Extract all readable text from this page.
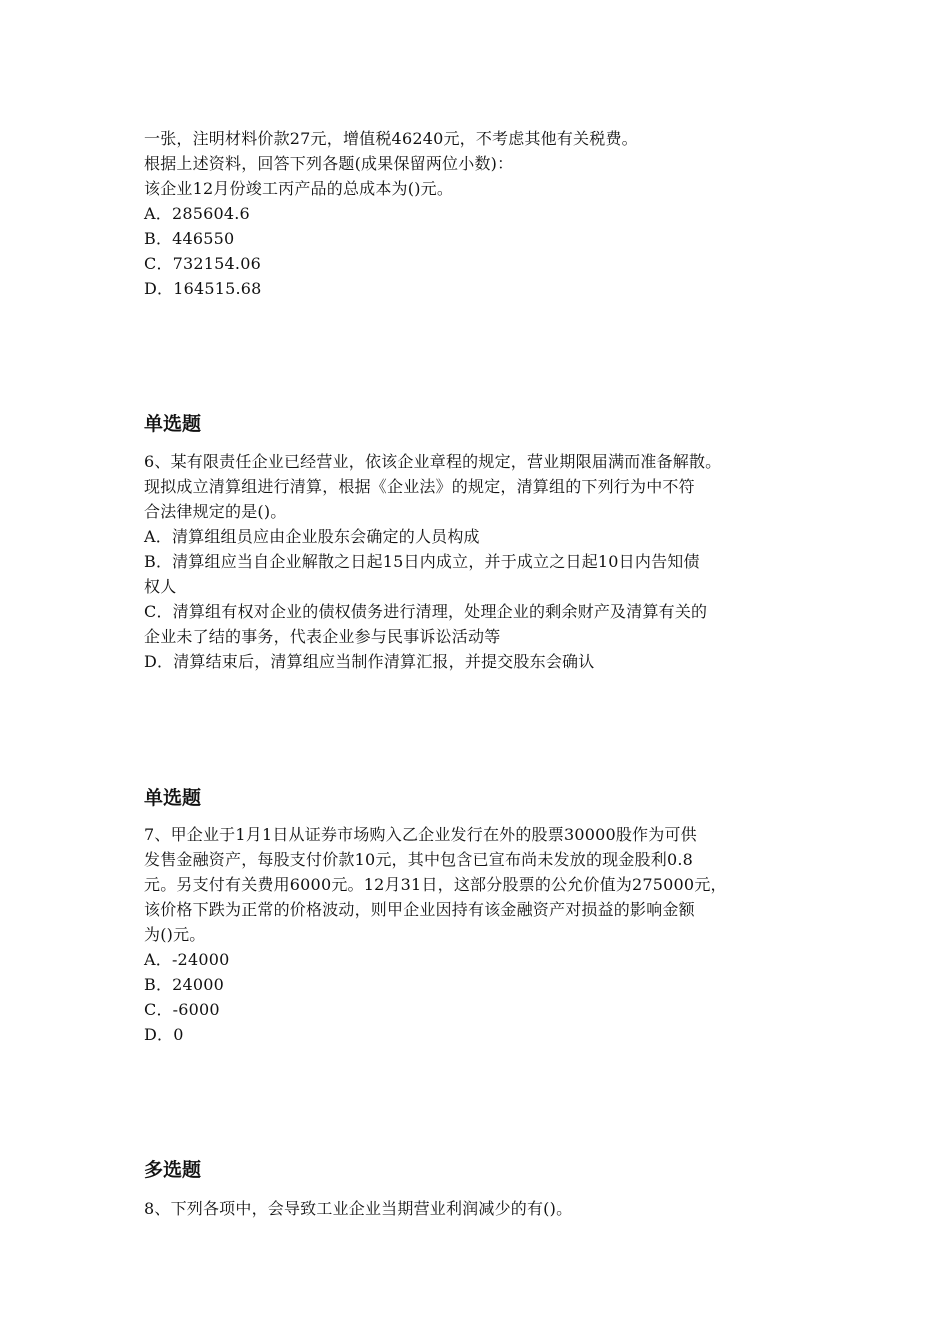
一张，注明材料价款27元，增值税46240元，不考虑其他有关税费。
根据上述资料，回答下列各题(成果保留两位小数)：
该企业12月份竣工丙产品的总成本为()元。
A．285604.6
B．446550
C．732154.06
D．164515.68
单选题
6、某有限责任企业已经营业，依该企业章程的规定，营业期限届满而准备解散。
现拟成立清算组进行清算，根据《企业法》的规定，清算组的下列行为中不符
合法律规定的是()。
A．清算组组员应由企业股东会确定的人员构成
B．清算组应当自企业解散之日起15日内成立，并于成立之日起10日内告知债
权人
C．清算组有权对企业的债权债务进行清理，处理企业的剩余财产及清算有关的
企业未了结的事务，代表企业参与民事诉讼活动等
D．清算结束后，清算组应当制作清算汇报，并提交股东会确认
单选题
7、甲企业于1月1日从证券市场购入乙企业发行在外的股票30000股作为可供
发售金融资产，每股支付价款10元，其中包含已宣布尚未发放的现金股利0.8
元。另支付有关费用6000元。12月31日，这部分股票的公允价值为275000元，
该价格下跌为正常的价格波动，则甲企业因持有该金融资产对损益的影响金额
为()元。
A．-24000
B．24000
C．-6000
D．0
多选题
8、下列各项中，会导致工业企业当期营业利润减少的有()。
